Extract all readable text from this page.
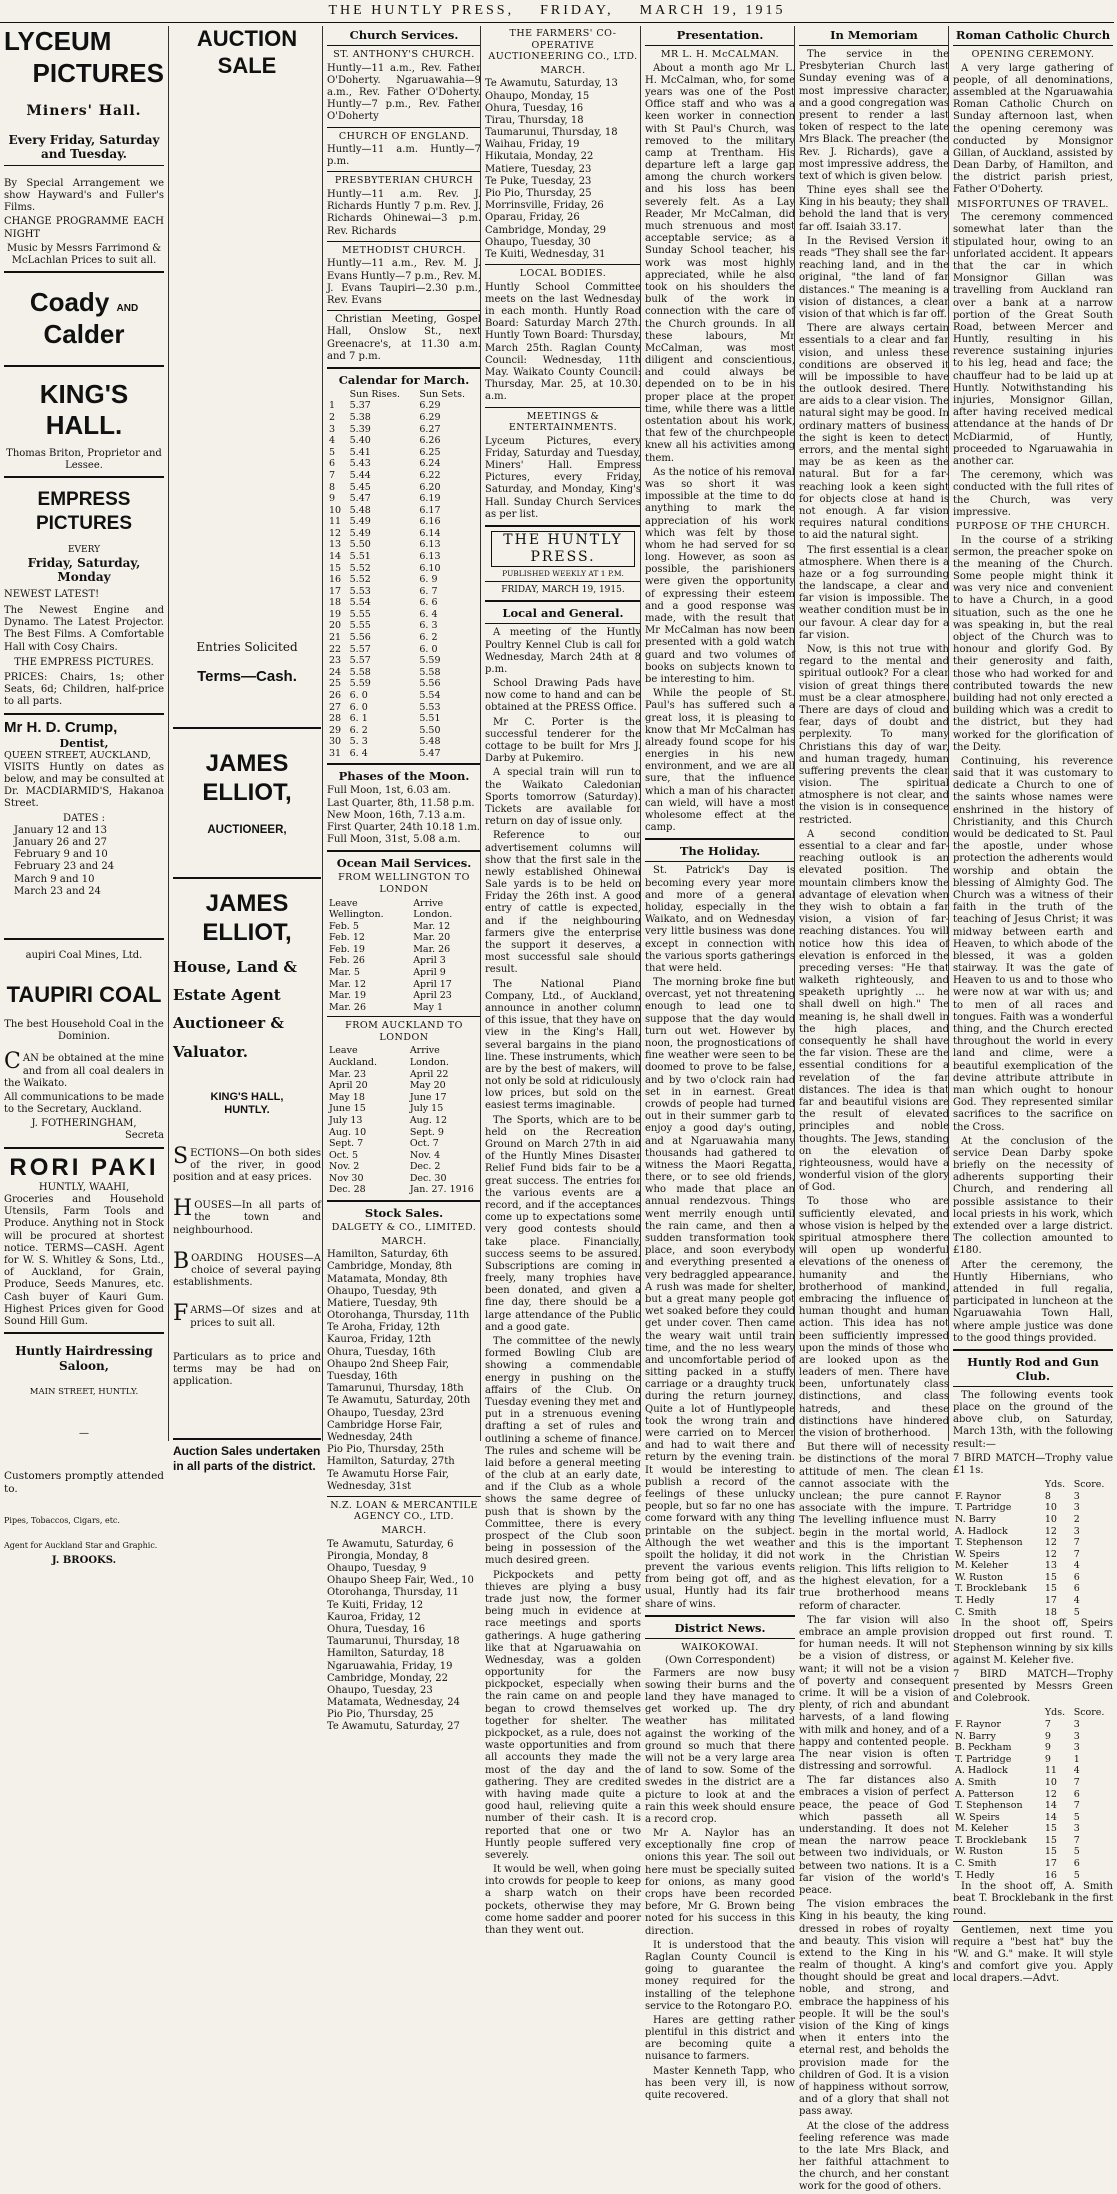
THE HUNTLY PRESS, FRIDAY, MARCH 19, 1915
LYCEUM
PICTURES
Miners' Hall.
Every Friday, Saturday and Tuesday.

By Special Arrangement we show Hayward's and Fuller's Films.

CHANGE PROGRAMME EACH NIGHT

Music by Messrs Farrimond & McLachlan Prices to suit all.

Coady AND Calder
KING'S HALL.

Thomas Briton, Proprietor and Lessee.

EMPRESS PICTURES
EVERY
Friday, Saturday, Monday
NEWEST LATEST!

The Newest Engine and Dynamo. The Latest Projector. The Best Films. A Comfortable Hall with Cosy Chairs.

THE EMPRESS PICTURES.

PRICES: Chairs, 1s; other Seats, 6d; Children, half-price to all parts.

Mr H. D. Crump,
Dentist,
QUEEN STREET, AUCKLAND,

VISITS Huntly on dates as below, and may be consulted at Dr. MACDIARMID'S, Hakanoa Street.

DATES :
January 12 and 13
January 26 and 27
February 9 and 10
February 23 and 24
March 9 and 10
March 23 and 24
aupiri Coal Mines, Ltd.
TAUPIRI COAL
The best Household Coal in the Dominion.

CAN be obtained at the mine and from all coal dealers in the Waikato.

All communications to be made to the Secretary, Auckland.

J. FOTHERINGHAM,
Secreta
RORI PAKI
HUNTLY, WAAHI,

Groceries and Household Utensils, Farm Tools and Produce. Anything not in Stock will be procured at shortest notice. TERMS—CASH. Agent for W. S. Whitley & Sons, Ltd., of Auckland, for Grain, Produce, Seeds Manures, etc. Cash buyer of Kauri Gum. Highest Prices given for Good Sound Hill Gum.

Huntly Hairdressing Saloon,
MAIN STREET, HUNTLY.
—

Customers promptly attended to.

Pipes, Tobaccos, Cigars, etc.
Agent for Auckland Star and Graphic.
J. BROOKS.
AUCTION SALE
Entries Solicited
Terms—Cash.
JAMES ELLIOT,
AUCTIONEER,
JAMES ELLIOT,
House, Land &
Estate Agent
Auctioneer &
Valuator.
KING'S HALL, HUNTLY.

SECTIONS—On both sides of the river, in good position and at easy prices.

HOUSES—In all parts of the town and neighbourhood.

BOARDING HOUSES—A choice of several paying establishments.

FARMS—Of sizes and at prices to suit all.

Particulars as to price and terms may be had on application.

Auction Sales undertaken in all parts of the district.
Church Services.
ST. ANTHONY'S CHURCH.

Huntly—11 a.m., Rev. Father O'Doherty. Ngaruawahia—9 a.m., Rev. Father O'Doherty. Huntly—7 p.m., Rev. Father O'Doherty

CHURCH OF ENGLAND.

Huntly—11 a.m. Huntly—7 p.m.

PRESBYTERIAN CHURCH

Huntly—11 a.m. Rev. J. Richards Huntly 7 p.m. Rev. J. Richards Ohinewai—3 p.m. Rev. Richards

METHODIST CHURCH.

Huntly—11 a.m., Rev. M. J. Evans Huntly—7 p.m., Rev. M. J. Evans Taupiri—2.30 p.m., Rev. Evans

Christian Meeting, Gospel Hall, Onslow St., next Greenacre's, at 11.30 a.m. and 7 p.m.

Calendar for March.
	Sun Rises.	Sun Sets.
1	5.37	6.29
2	5.38	6.29
3	5.39	6.27
4	5.40	6.26
5	5.41	6.25
6	5.43	6.24
7	5.44	6.22
8	5.45	6.20
9	5.47	6.19
10	5.48	6.17
11	5.49	6.16
12	5.49	6.14
13	5.50	6.13
14	5.51	6.13
15	5.52	6.10
16	5.52	6. 9
17	5.53	6. 7
18	5.54	6. 6
19	5.55	6. 4
20	5.55	6. 3
21	5.56	6. 2
22	5.57	6. 0
23	5.57	5.59
24	5.58	5.58
25	5.59	5.56
26	6. 0	5.54
27	6. 0	5.53
28	6. 1	5.51
29	6. 2	5.50
30	5. 3	5.48
31	6. 4	5.47
Phases of the Moon.
Full Moon, 1st, 6.03 am.
Last Quarter, 8th, 11.58 p.m.
New Moon, 16th, 7.13 a.m.
First Quarter, 24th 10.18 1.m.
Full Moon, 31st, 5.08 a.m.
Ocean Mail Services.
FROM WELLINGTON TO LONDON
Leave Wellington.	Arrive London.
Feb. 5	Mar. 12
Feb. 12	Mar. 20
Feb. 19	Mar. 26
Feb. 26	April 3
Mar. 5	April 9
Mar. 12	April 17
Mar. 19	April 23
Mar. 26	May 1
FROM AUCKLAND TO LONDON
Leave Auckland.	Arrive London.
Mar. 23	April 22
April 20	May 20
May 18	June 17
June 15	July 15
July 13	Aug. 12
Aug. 10	Sept. 9
Sept. 7	Oct. 7
Oct. 5	Nov. 4
Nov. 2	Dec. 2
Nov 30	Dec. 30
Dec. 28	Jan. 27. 1916
Stock Sales.
DALGETY & CO., LIMITED.
MARCH.
Hamilton, Saturday, 6th
Cambridge, Monday, 8th
Matamata, Monday, 8th
Ohaupo, Tuesday, 9th
Matiere, Tuesday, 9th
Otorohanga, Thursday, 11th
Te Aroha, Friday, 12th
Kauroa, Friday, 12th
Ohura, Tuesday, 16th
Ohaupo 2nd Sheep Fair, Tuesday, 16th
Tamarunui, Thursday, 18th
Te Awamutu, Saturday, 20th
Ohaupo, Tuesday, 23rd
Cambridge Horse Fair, Wednesday, 24th
Pio Pio, Thursday, 25th
Hamilton, Saturday, 27th
Te Awamutu Horse Fair, Wednesday, 31st
N.Z. LOAN & MERCANTILE AGENCY CO., LTD.
MARCH.
Te Awamutu, Saturday, 6
Pirongia, Monday, 8
Ohaupo, Tuesday, 9
Ohaupo Sheep Fair, Wed., 10
Otorohanga, Thursday, 11
Te Kuiti, Friday, 12
Kauroa, Friday, 12
Ohura, Tuesday, 16
Taumarunui, Thursday, 18
Hamilton, Saturday, 18
Ngaruawahia, Friday, 19
Cambridge, Monday, 22
Ohaupo, Tuesday, 23
Matamata, Wednesday, 24
Pio Pio, Thursday, 25
Te Awamutu, Saturday, 27
THE FARMERS' CO-OPERATIVE AUCTIONEERING CO., LTD.
MARCH.
Te Awamutu, Saturday, 13
Ohaupo, Monday, 15
Ohura, Tuesday, 16
Tirau, Thursday, 18
Taumarunui, Thursday, 18
Waihau, Friday, 19
Hikutaia, Monday, 22
Matiere, Tuesday, 23
Te Puke, Tuesday, 23
Pio Pio, Thursday, 25
Morrinsville, Friday, 26
Oparau, Friday, 26
Cambridge, Monday, 29
Ohaupo, Tuesday, 30
Te Kuiti, Wednesday, 31
LOCAL BODIES.

Huntly School Committee meets on the last Wednesday in each month. Huntly Road Board: Saturday March 27th. Huntly Town Board: Thursday, March 25th. Raglan County Council: Wednesday, 11th May. Waikato County Council: Thursday, Mar. 25, at 10.30. a.m.

MEETINGS & ENTERTAINMENTS.

Lyceum Pictures, every Friday, Saturday and Tuesday, Miners' Hall. Empress Pictures, every Friday, Saturday, and Monday, King's Hall. Sunday Church Services as per list.

THE HUNTLY PRESS.
PUBLISHED WEEKLY AT 1 P.M.
FRIDAY, MARCH 19, 1915.
Local and General.

A meeting of the Huntly Poultry Kennel Club is call for Wednesday, March 24th at 8 p.m.

School Drawing Pads have now come to hand and can be obtained at the PRESS Office.

Mr C. Porter is the successful tenderer for the cottage to be built for Mrs J. Darby at Pukemiro.

A special train will run to the Waikato Caledonian Sports tomorrow (Saturday). Tickets are available for return on day of issue only.

Reference to our advertisement columns will show that the first sale in the newly established Ohinewai Sale yards is to be held on Friday the 26th inst. A good entry of cattle is expected, and if the neighbouring farmers give the enterprise the support it deserves, a most successful sale should result.

The National Piano Company, Ltd., of Auckland, announce in another column of this issue, that they have on view in the King's Hall, several bargains in the piano line. These instruments, which are by the best of makers, will not only be sold at ridiculously low prices, but sold on the easiest terms imaginable.

The Sports, which are to be held on the Recreation Ground on March 27th in aid of the Huntly Mines Disaster Relief Fund bids fair to be a great success. The entries for the various events are a record, and if the acceptances come up to expectations some very good contests should take place. Financially, success seems to be assured. Subscriptions are coming in freely, many trophies have been donated, and given a fine day, there should be a large attendance of the Public and a good gate.

The committee of the newly formed Bowling Club are showing a commendable energy in pushing on the affairs of the Club. On Tuesday evening they met and put in a strenuous evening drafting a set of rules and outlining a scheme of finance. The rules and scheme will be laid before a general meeting of the club at an early date, and if the Club as a whole shows the same degree of push that is shown by the Committee, there is every prospect of the Club soon being in possession of the much desired green.

Pickpockets and petty thieves are plying a busy trade just now, the former being much in evidence at race meetings and sports gatherings. A huge gathering like that at Ngaruawahia on Wednesday, was a golden opportunity for the pickpocket, especially when the rain came on and people began to crowd themselves together for shelter. The pickpocket, as a rule, does not waste opportunities and from all accounts they made the most of the day and the gathering. They are credited with having made quite a good haul, relieving quite a number of their cash. It is reported that one or two Huntly people suffered very severely.

It would be well, when going into crowds for people to keep a sharp watch on their pockets, otherwise they may come home sadder and poorer than they went out.

Presentation.
MR L. H. McCALMAN.

About a month ago Mr L. H. McCalman, who, for some years was one of the Post Office staff and who was a keen worker in connection with St Paul's Church, was removed to the military camp at Trentham. His departure left a large gap among the church workers and his loss has been severely felt. As a Lay Reader, Mr McCalman, did much strenuous and most acceptable service; as a Sunday School teacher, his work was most highly appreciated, while he also took on his shoulders the bulk of the work in connection with the care of the Church grounds. In all these labours, Mr McCalman, was most diligent and conscientious, and could always be depended on to be in his proper place at the proper time, while there was a little ostentation about his work, that few of the churchpeople knew all his activities among them.

As the notice of his removal was so short it was impossible at the time to do anything to mark the appreciation of his work which was felt by those whom he had served for so long. However, as soon as possible, the parishioners were given the opportunity of expressing their esteem and a good response was made, with the result that Mr McCalman has now been presented with a gold watch guard and two volumes of books on subjects known to be interesting to him.

While the people of St. Paul's has suffered such a great loss, it is pleasing to know that Mr McCalman has already found scope for his energies in his new environment, and we are all sure, that the influence which a man of his character can wield, will have a most wholesome effect at the camp.

The Holiday.

St. Patrick's Day is becoming every year more and more of a general holiday, especially in the Waikato, and on Wednesday very little business was done except in connection with the various sports gatherings that were held.

The morning broke fine but overcast, yet not threatening enough to lead one to suppose that the day would turn out wet. However by noon, the prognostications of fine weather were seen to be doomed to prove to be false, and by two o'clock rain had set in in earnest. Great crowds of people had turned out in their summer garb to enjoy a good day's outing, and at Ngaruawahia many thousands had gathered to witness the Maori Regatta, there, or to see old friends, who made that place an annual rendezvous. Things went merrily enough until the rain came, and then a sudden transformation took place, and soon everybody and everything presented a very bedraggled appearance. A rush was made for shelter, but a great many people got wet soaked before they could get under cover. Then came the weary wait until train time, and the no less weary and uncomfortable period of sitting packed in a stuffy carriage or a draughty truck during the return journey. Quite a lot of Huntlypeople took the wrong train and were carried on to Mercer and had to wait there and return by the evening train. It would be interesting to publish a record of the feelings of these unlucky people, but so far no one has come forward with any thing printable on the subject. Although the wet weather spoilt the holiday, it did not prevent the various events from being got off, and as usual, Huntly had its fair share of wins.

District News.
WAIKOKOWAI.
(Own Correspondent)

Farmers are now busy sowing their burns and the land they have managed to get worked up. The dry weather has militated against the working of the ground so much that there will not be a very large area of land to sow. Some of the swedes in the district are a picture to look at and the rain this week should ensure a record crop.

Mr A. Naylor has an exceptionally fine crop of onions this year. The soil out here must be specially suited for onions, as many good crops have been recorded before, Mr G. Brown being noted for his success in this direction.

It is understood that the Raglan County Council is going to guarantee the money required for the installing of the telephone service to the Rotongaro P.O.

Hares are getting rather plentiful in this district and are becoming quite a nuisance to farmers.

Master Kenneth Tapp, who has been very ill, is now quite recovered.

In Memoriam

The service in the Presbyterian Church last Sunday evening was of a most impressive character, and a good congregation was present to render a last token of respect to the late Mrs Black. The preacher (the Rev. J. Richards), gave a most impressive address, the text of which is given below.

Thine eyes shall see the King in his beauty; they shall behold the land that is very far off. Isaiah 33.17.

In the Revised Version it reads "They shall see the far-reaching land, and in the original, "the land of far distances." The meaning is a vision of distances, a clear vision of that which is far off.

There are always certain essentials to a clear and far vision, and unless these conditions are observed it will be impossible to have the outlook desired. There are aids to a clear vision. The natural sight may be good. In ordinary matters of business the sight is keen to detect errors, and the mental sight may be as keen as the natural. But for a far-reaching look a keen sight for objects close at hand is not enough. A far vision requires natural conditions to aid the natural sight.

The first essential is a clear atmosphere. When there is a haze or a fog surrounding the landscape, a clear and far vision is impossible. The weather condition must be in our favour. A clear day for a far vision.

Now, is this not true with regard to the mental and spiritual outlook? For a clear vision of great things there must be a clear atmosphere. There are days of cloud and fear, days of doubt and perplexity. To many Christians this day of war, and human tragedy, human suffering prevents the clear vision. The spiritual atmosphere is not clear, and the vision is in consequence restricted.

A second condition essential to a clear and far-reaching outlook is an elevated position. The mountain climbers know the advantage of elevation when they wish to obtain a far vision, a vision of far-reaching distances. You will notice how this idea of elevation is enforced in the preceding verses: "He that walketh righteously, and speaketh uprightly ... he shall dwell on high." The meaning is, he shall dwell in the high places, and consequently he shall have the far vision. These are the essential conditions for a revelation of the far distances. The idea is that far and beautiful visions are the result of elevated principles and noble thoughts. The Jews, standing on the elevation of righteousness, would have a wonderful vision of the glory of God.

To those who are sufficiently elevated, and whose vision is helped by the spiritual atmosphere there will open up wonderful elevations of the oneness of humanity and the brotherhood of mankind, embracing the influence of human thought and human action. This idea has not been sufficiently impressed upon the minds of those who are looked upon as the leaders of men. There have been, unfortunately class distinctions, and class hatreds, and these distinctions have hindered the vision of brotherhood.

But there will of necessity be distinctions of the moral attitude of men. The clean cannot associate with the unclean; the pure cannot associate with the impure. The levelling influence must begin in the mortal world, and this is the important work in the Christian religion. This lifts religion to the highest elevation, for a true brotherhood means reform of character.

The far vision will also embrace an ample provision for human needs. It will not be a vision of distress, or want; it will not be a vision of poverty and consequent crime. It will be a vision of plenty, of rich and abundant harvests, of a land flowing with milk and honey, and of a happy and contented people. The near vision is often distressing and sorrowful.

The far distances also embraces a vision of perfect peace, the peace of God which passeth all understanding. It does not mean the narrow peace between two individuals, or between two nations. It is a far vision of the world's peace.

The vision embraces the King in his beauty, the king dressed in robes of royalty and beauty. This vision will extend to the King in his realm of thought. A king's thought should be great and noble, and strong, and embrace the happiness of his people. It will be the soul's vision of the King of kings when it enters into the eternal rest, and beholds the provision made for the children of God. It is a vision of happiness without sorrow, and of a glory that shall not pass away.

At the close of the address feeling reference was made to the late Mrs Black, and her faithful attachment to the church, and her constant work for the good of others.

Roman Catholic Church
OPENING CEREMONY.

A very large gathering of people, of all denominations, assembled at the Ngaruawahia Roman Catholic Church on Sunday afternoon last, when the opening ceremony was conducted by Monsignor Gillan, of Auckland, assisted by Dean Darby, of Hamilton, and the district parish priest, Father O'Doherty.

MISFORTUNES OF TRAVEL.

The ceremony commenced somewhat later than the stipulated hour, owing to an unforlated accident. It appears that the car in which Monsignor Gillan was travelling from Auckland ran over a bank at a narrow portion of the Great South Road, between Mercer and Huntly, resulting in his reverence sustaining injuries to his leg, head and face; the chauffeur had to be laid up at Huntly. Notwithstanding his injuries, Monsignor Gillan, after having received medical attendance at the hands of Dr McDiarmid, of Huntly, proceeded to Ngaruawahia in another car.

The ceremony, which was conducted with the full rites of the Church, was very impressive.

PURPOSE OF THE CHURCH.

In the course of a striking sermon, the preacher spoke on the meaning of the Church. Some people might think it was very nice and convenient to have a Church, in a good situation, such as the one he was speaking in, but the real object of the Church was to honour and glorify God. By their generosity and faith, those who had worked for and contributed towards the new building had not only erected a building which was a credit to the district, but they had worked for the glorification of the Deity.

Continuing, his reverence said that it was customary to dedicate a Church to one of the saints whose names were enshrined in the history of Christianity, and this Church would be dedicated to St. Paul the apostle, under whose protection the adherents would worship and obtain the blessing of Almighty God. The Church was a witness of their faith in the truth of the teaching of Jesus Christ; it was midway between earth and Heaven, to which abode of the blessed, it was a golden stairway. It was the gate of Heaven to us and to those who were now at war with us; and to men of all races and tongues. Faith was a wonderful thing, and the Church erected throughout the world in every land and clime, were a beautiful exemplication of the devine attribute attribute in man which ought to honour God. They represented similar sacrifices to the sacrifice on the Cross.

At the conclusion of the service Dean Darby spoke briefly on the necessity of adherents supporting their Church, and rendering all possible assistance to their local priests in his work, which extended over a large district. The collection amounted to £180.

After the ceremony, the Huntly Hibernians, who attended in full regalia, participated in luncheon at the Ngaruawahia Town Hall, where ample justice was done to the good things provided.

Huntly Rod and Gun Club.

The following events took place on the ground of the above club, on Saturday, March 13th, with the following result:—

7 BIRD MATCH—Trophy value £1 1s.

	Yds.	Score.
F. Raynor	8	3
T. Partridge	10	3
N. Barry	10	2
A. Hadlock	12	3
T. Stephenson	12	7
W. Speirs	12	7
M. Keleher	13	4
W. Ruston	15	6
T. Brocklebank	15	6
T. Hedly	17	4
C. Smith	18	5

In the shoot off, Speirs dropped out first round. T. Stephenson winning by six kills against M. Keleher five.

7 BIRD MATCH—Trophy presented by Messrs Green and Colebrook.

	Yds.	Score.
F. Raynor	7	3
N. Barry	9	3
B. Peckham	9	3
T. Partridge	9	1
A. Hadlock	11	4
A. Smith	10	7
A. Patterson	12	6
T. Stephenson	14	7
W. Speirs	14	5
M. Keleher	15	3
T. Brocklebank	15	7
W. Ruston	15	5
C. Smith	17	6
T. Hedly	16	5

In the shoot off, A. Smith beat T. Brocklebank in the first round.

Gentlemen, next time you require a "best hat" buy the "W. and G." make. It will style and comfort give you. Apply local drapers.—Advt.
